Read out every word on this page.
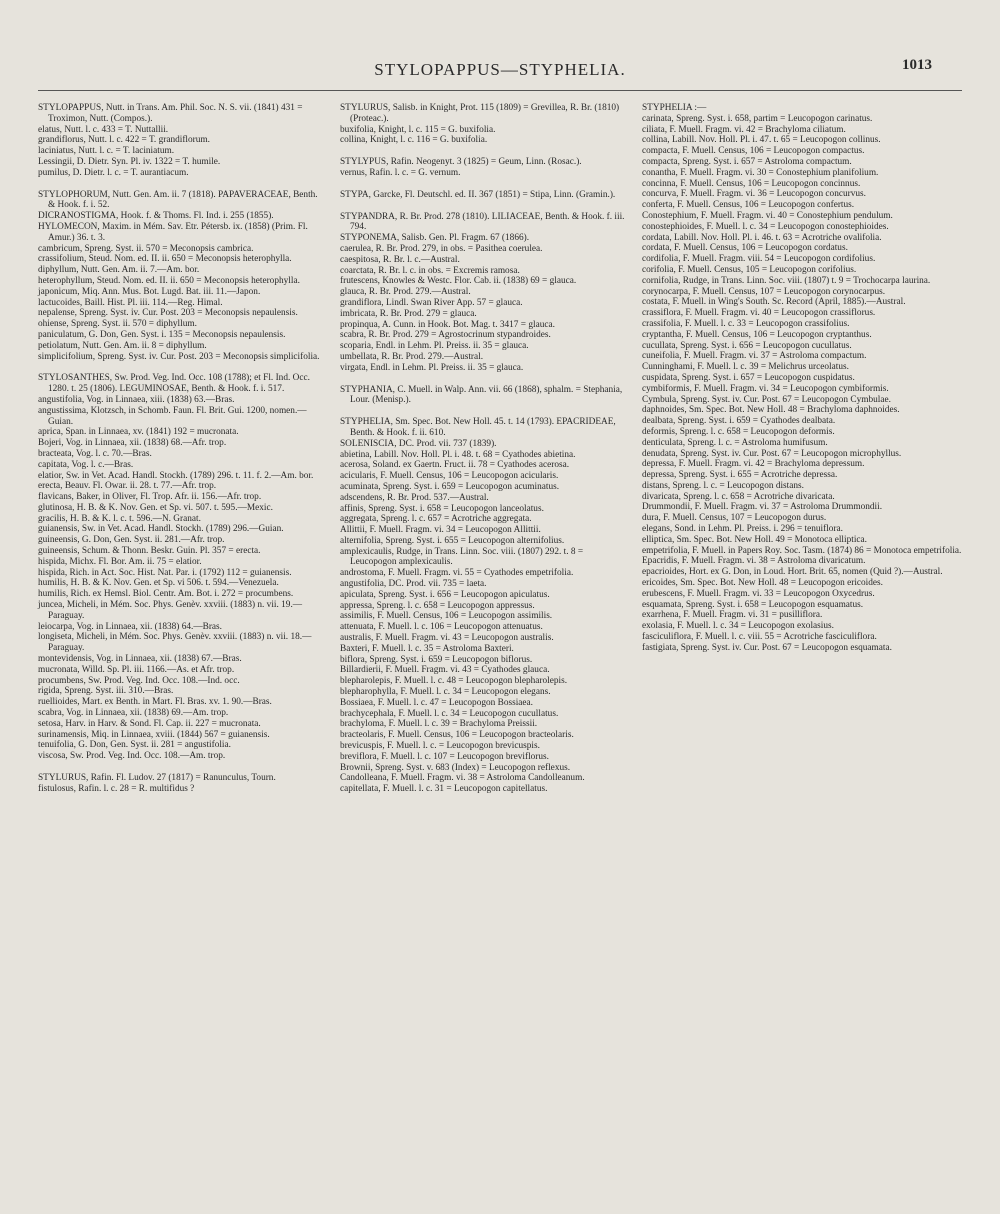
STYLOPAPPUS—STYPHELIA.	1013

STYLOPAPPUS, Nutt. in Trans. Am. Phil. Soc. N. S. vii. (1841) 431 = Troximon, Nutt. (Compos.).

elatus, Nutt. l. c. 433 = T. Nuttallii.

grandiflorus, Nutt. l. c. 422 = T. grandiflorum.

laciniatus, Nutt. l. c. = T. laciniatum.

Lessingii, D. Dietr. Syn. Pl. iv. 1322 = T. humile.

pumilus, D. Dietr. l. c. = T. aurantiacum.

STYLOPHORUM, Nutt. Gen. Am. ii. 7 (1818). PAPAVERACEAE, Benth. & Hook. f. i. 52.

DICRANOSTIGMA, Hook. f. & Thoms. Fl. Ind. i. 255 (1855).

HYLOMECON, Maxim. in Mém. Sav. Etr. Pétersb. ix. (1858) (Prim. Fl. Amur.) 36. t. 3.

cambricum, Spreng. Syst. ii. 570 = Meconopsis cambrica.

crassifolium, Steud. Nom. ed. II. ii. 650 = Meconopsis heterophylla.

diphyllum, Nutt. Gen. Am. ii. 7.—Am. bor.

heterophyllum, Steud. Nom. ed. II. ii. 650 = Meconopsis heterophylla.

japonicum, Miq. Ann. Mus. Bot. Lugd. Bat. iii. 11.—Japon.

lactucoides, Baill. Hist. Pl. iii. 114.—Reg. Himal.

nepalense, Spreng. Syst. iv. Cur. Post. 203 = Meconopsis nepaulensis.

ohiense, Spreng. Syst. ii. 570 = diphyllum.

paniculatum, G. Don, Gen. Syst. i. 135 = Meconopsis nepaulensis.

petiolatum, Nutt. Gen. Am. ii. 8 = diphyllum.

simplicifolium, Spreng. Syst. iv. Cur. Post. 203 = Meconopsis simplicifolia.

STYLOSANTHES, Sw. Prod. Veg. Ind. Occ. 108 (1788); et Fl. Ind. Occ. 1280. t. 25 (1806). LEGUMINOSAE, Benth. & Hook. f. i. 517.

angustifolia, Vog. in Linnaea, xiii. (1838) 63.—Bras.

angustissima, Klotzsch, in Schomb. Faun. Fl. Brit. Gui. 1200, nomen.—Guian.

aprica, Span. in Linnaea, xv. (1841) 192 = mucronata.

Bojeri, Vog. in Linnaea, xii. (1838) 68.—Afr. trop.

bracteata, Vog. l. c. 70.—Bras.

capitata, Vog. l. c.—Bras.

elatior, Sw. in Vet. Acad. Handl. Stockh. (1789) 296. t. 11. f. 2.—Am. bor.

erecta, Beauv. Fl. Owar. ii. 28. t. 77.—Afr. trop.

flavicans, Baker, in Oliver, Fl. Trop. Afr. ii. 156.—Afr. trop.

glutinosa, H. B. & K. Nov. Gen. et Sp. vi. 507. t. 595.—Mexic.

gracilis, H. B. & K. l. c. t. 596.—N. Granat.

guianensis, Sw. in Vet. Acad. Handl. Stockh. (1789) 296.—Guian.

guineensis, G. Don, Gen. Syst. ii. 281.—Afr. trop.

guineensis, Schum. & Thonn. Beskr. Guin. Pl. 357 = erecta.

hispida, Michx. Fl. Bor. Am. ii. 75 = elatior.

hispida, Rich. in Act. Soc. Hist. Nat. Par. i. (1792) 112 = guianensis.

humilis, H. B. & K. Nov. Gen. et Sp. vi 506. t. 594.—Venezuela.

humilis, Rich. ex Hemsl. Biol. Centr. Am. Bot. i. 272 = procumbens.

juncea, Micheli, in Mém. Soc. Phys. Genèv. xxviii. (1883) n. vii. 19.—Paraguay.

leiocarpa, Vog. in Linnaea, xii. (1838) 64.—Bras.

longiseta, Micheli, in Mém. Soc. Phys. Genèv. xxviii. (1883) n. vii. 18.—Paraguay.

montevidensis, Vog. in Linnaea, xii. (1838) 67.—Bras.

mucronata, Willd. Sp. Pl. iii. 1166.—As. et Afr. trop.

procumbens, Sw. Prod. Veg. Ind. Occ. 108.—Ind. occ.

rigida, Spreng. Syst. iii. 310.—Bras.

ruellioides, Mart. ex Benth. in Mart. Fl. Bras. xv. 1. 90.—Bras.

scabra, Vog. in Linnaea, xii. (1838) 69.—Am. trop.

setosa, Harv. in Harv. & Sond. Fl. Cap. ii. 227 = mucronata.

surinamensis, Miq. in Linnaea, xviii. (1844) 567 = guianensis.

tenuifolia, G. Don, Gen. Syst. ii. 281 = angustifolia.

viscosa, Sw. Prod. Veg. Ind. Occ. 108.—Am. trop.

STYLURUS, Rafin. Fl. Ludov. 27 (1817) = Ranunculus, Tourn.

fistulosus, Rafin. l. c. 28 = R. multifidus ?

STYLURUS, Salisb. in Knight, Prot. 115 (1809) = Grevillea, R. Br. (1810) (Proteac.).

buxifolia, Knight, l. c. 115 = G. buxifolia.

collina, Knight, l. c. 116 = G. buxifolia.

STYLYPUS, Rafin. Neogenyt. 3 (1825) = Geum, Linn. (Rosac.).

vernus, Rafin. l. c. = G. vernum.

STYPA, Garcke, Fl. Deutschl. ed. II. 367 (1851) = Stipa, Linn. (Gramin.).

STYPANDRA, R. Br. Prod. 278 (1810). LILIACEAE, Benth. & Hook. f. iii. 794.

STYPONEMA, Salisb. Gen. Pl. Fragm. 67 (1866).

caerulea, R. Br. Prod. 279, in obs. = Pasithea coerulea.

caespitosa, R. Br. l. c.—Austral.

coarctata, R. Br. l. c. in obs. = Excremis ramosa.

frutescens, Knowles & Westc. Flor. Cab. ii. (1838) 69 = glauca.

glauca, R. Br. Prod. 279.—Austral.

grandiflora, Lindl. Swan River App. 57 = glauca.

imbricata, R. Br. Prod. 279 = glauca.

propinqua, A. Cunn. in Hook. Bot. Mag. t. 3417 = glauca.

scabra, R. Br. Prod. 279 = Agrostocrinum stypandroides.

scoparia, Endl. in Lehm. Pl. Preiss. ii. 35 = glauca.

umbellata, R. Br. Prod. 279.—Austral.

virgata, Endl. in Lehm. Pl. Preiss. ii. 35 = glauca.

STYPHANIA, C. Muell. in Walp. Ann. vii. 66 (1868), sphalm. = Stephania, Lour. (Menisp.).

STYPHELIA, Sm. Spec. Bot. New Holl. 45. t. 14 (1793). EPACRIDEAE, Benth. & Hook. f. ii. 610.

SOLENISCIA, DC. Prod. vii. 737 (1839).

abietina, Labill. Nov. Holl. Pl. i. 48. t. 68 = Cyathodes abietina.

acerosa, Soland. ex Gaertn. Fruct. ii. 78 = Cyathodes acerosa.

acicularis, F. Muell. Census, 106 = Leucopogon acicularis.

acuminata, Spreng. Syst. i. 659 = Leucopogon acuminatus.

adscendens, R. Br. Prod. 537.—Austral.

affinis, Spreng. Syst. i. 658 = Leucopogon lanceolatus.

aggregata, Spreng. l. c. 657 = Acrotriche aggregata.

Allittii, F. Muell. Fragm. vi. 34 = Leucopogon Allittii.

alternifolia, Spreng. Syst. i. 655 = Leucopogon alternifolius.

amplexicaulis, Rudge, in Trans. Linn. Soc. viii. (1807) 292. t. 8 = Leucopogon amplexicaulis.

androstoma, F. Muell. Fragm. vi. 55 = Cyathodes empetrifolia.

angustifolia, DC. Prod. vii. 735 = laeta.

apiculata, Spreng. Syst. i. 656 = Leucopogon apiculatus.

appressa, Spreng. l. c. 658 = Leucopogon appressus.

assimilis, F. Muell. Census, 106 = Leucopogon assimilis.

attenuata, F. Muell. l. c. 106 = Leucopogon attenuatus.

australis, F. Muell. Fragm. vi. 43 = Leucopogon australis.

Baxteri, F. Muell. l. c. 35 = Astroloma Baxteri.

biflora, Spreng. Syst. i. 659 = Leucopogon biflorus.

Billardierii, F. Muell. Fragm. vi. 43 = Cyathodes glauca.

blepharolepis, F. Muell. l. c. 48 = Leucopogon blepharolepis.

blepharophylla, F. Muell. l. c. 34 = Leucopogon elegans.

Bossiaea, F. Muell. l. c. 47 = Leucopogon Bossiaea.

brachycephala, F. Muell. l. c. 34 = Leucopogon cucullatus.

brachyloma, F. Muell. l. c. 39 = Brachyloma Preissii.

bracteolaris, F. Muell. Census, 106 = Leucopogon bracteolaris.

brevicuspis, F. Muell. l. c. = Leucopogon brevicuspis.

breviflora, F. Muell. l. c. 107 = Leucopogon breviflorus.

Brownii, Spreng. Syst. v. 683 (Index) = Leucopogon reflexus.

Candolleana, F. Muell. Fragm. vi. 38 = Astroloma Candolleanum.

capitellata, F. Muell. l. c. 31 = Leucopogon capitellatus.

STYPHELIA :—

carinata, Spreng. Syst. i. 658, partim = Leucopogon carinatus.

ciliata, F. Muell. Fragm. vi. 42 = Brachyloma ciliatum.

collina, Labill. Nov. Holl. Pl. i. 47. t. 65 = Leucopogon collinus.

compacta, F. Muell. Census, 106 = Leucopogon compactus.

compacta, Spreng. Syst. i. 657 = Astroloma compactum.

conantha, F. Muell. Fragm. vi. 30 = Conostephium planifolium.

concinna, F. Muell. Census, 106 = Leucopogon concinnus.

concurva, F. Muell. Fragm. vi. 36 = Leucopogon concurvus.

conferta, F. Muell. Census, 106 = Leucopogon confertus.

Conostephium, F. Muell. Fragm. vi. 40 = Conostephium pendulum.

conostephioides, F. Muell. l. c. 34 = Leucopogon conostephioides.

cordata, Labill. Nov. Holl. Pl. i. 46. t. 63 = Acrotriche ovalifolia.

cordata, F. Muell. Census, 106 = Leucopogon cordatus.

cordifolia, F. Muell. Fragm. viii. 54 = Leucopogon cordifolius.

corifolia, F. Muell. Census, 105 = Leucopogon corifolius.

cornifolia, Rudge, in Trans. Linn. Soc. viii. (1807) t. 9 = Trochocarpa laurina.

corynocarpa, F. Muell. Census, 107 = Leucopogon corynocarpus.

costata, F. Muell. in Wing's South. Sc. Record (April, 1885).—Austral.

crassiflora, F. Muell. Fragm. vi. 40 = Leucopogon crassiflorus.

crassifolia, F. Muell. l. c. 33 = Leucopogon crassifolius.

cryptantha, F. Muell. Census, 106 = Leucopogon cryptanthus.

cucullata, Spreng. Syst. i. 656 = Leucopogon cucullatus.

cuneifolia, F. Muell. Fragm. vi. 37 = Astroloma compactum.

Cunninghami, F. Muell. l. c. 39 = Melichrus urceolatus.

cuspidata, Spreng. Syst. i. 657 = Leucopogon cuspidatus.

cymbiformis, F. Muell. Fragm. vi. 34 = Leucopogon cymbiformis.

Cymbula, Spreng. Syst. iv. Cur. Post. 67 = Leucopogon Cymbulae.

daphnoides, Sm. Spec. Bot. New Holl. 48 = Brachyloma daphnoides.

dealbata, Spreng. Syst. i. 659 = Cyathodes dealbata.

deformis, Spreng. l. c. 658 = Leucopogon deformis.

denticulata, Spreng. l. c. = Astroloma humifusum.

denudata, Spreng. Syst. iv. Cur. Post. 67 = Leucopogon microphyllus.

depressa, F. Muell. Fragm. vi. 42 = Brachyloma depressum.

depressa, Spreng. Syst. i. 655 = Acrotriche depressa.

distans, Spreng. l. c. = Leucopogon distans.

divaricata, Spreng. l. c. 658 = Acrotriche divaricata.

Drummondii, F. Muell. Fragm. vi. 37 = Astroloma Drummondii.

dura, F. Muell. Census, 107 = Leucopogon durus.

elegans, Sond. in Lehm. Pl. Preiss. i. 296 = tenuiflora.

elliptica, Sm. Spec. Bot. New Holl. 49 = Monotoca elliptica.

empetrifolia, F. Muell. in Papers Roy. Soc. Tasm. (1874) 86 = Monotoca empetrifolia.

Epacridis, F. Muell. Fragm. vi. 38 = Astroloma divaricatum.

epacrioides, Hort. ex G. Don, in Loud. Hort. Brit. 65, nomen (Quid ?).—Austral.

ericoides, Sm. Spec. Bot. New Holl. 48 = Leucopogon ericoides.

erubescens, F. Muell. Fragm. vi. 33 = Leucopogon Oxycedrus.

esquamata, Spreng. Syst. i. 658 = Leucopogon esquamatus.

exarrhena, F. Muell. Fragm. vi. 31 = pusilliflora.

exolasia, F. Muell. l. c. 34 = Leucopogon exolasius.

fasciculiflora, F. Muell. l. c. viii. 55 = Acrotriche fasciculiflora.

fastigiata, Spreng. Syst. iv. Cur. Post. 67 = Leucopogon esquamata.
